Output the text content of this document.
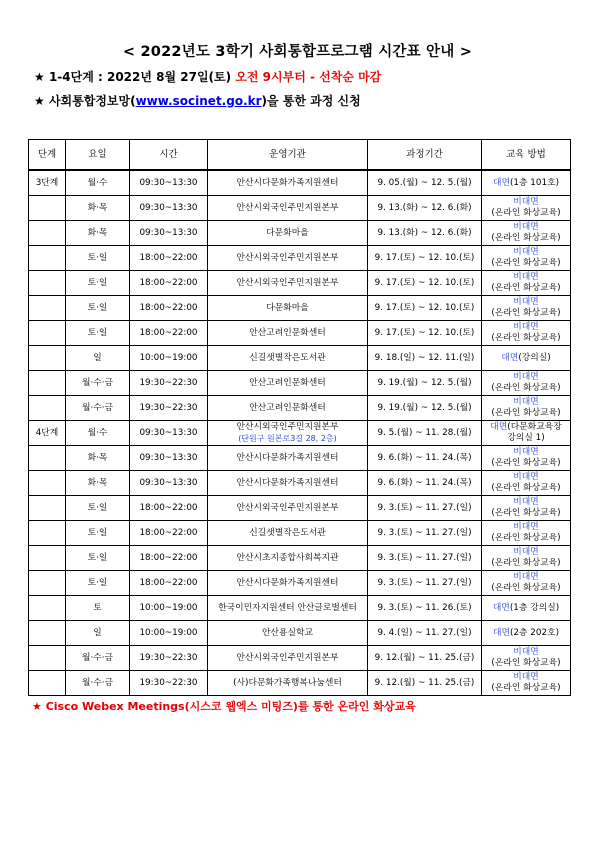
< 2022년도 3학기 사회통합프로그램 시간표 안내 >
★ 1-4단계 : 2022년 8월 27일(토) 오전 9시부터 - 선착순 마감
★ 사회통합정보망(www.socinet.go.kr)을 통한 과정 신청
단계	요일	시간	운영기관	과정기간	교육 방법
3단계	월·수	09:30~13:30	안산시다문화가족지원센터	9. 05.(월) ~ 12. 5.(월)	대면(1층 101호)
	화·목	09:30~13:30	안산시외국인주민지원본부	9. 13.(화) ~ 12. 6.(화)	비대면
(온라인 화상교육)
	화·목	09:30~13:30	다문화마을	9. 13.(화) ~ 12. 6.(화)	비대면
(온라인 화상교육)
	토·일	18:00~22:00	안산시외국인주민지원본부	9. 17.(토) ~ 12. 10.(토)	비대면
(온라인 화상교육)
	토·일	18:00~22:00	안산시외국인주민지원본부	9. 17.(토) ~ 12. 10.(토)	비대면
(온라인 화상교육)
	토·일	18:00~22:00	다문화마을	9. 17.(토) ~ 12. 10.(토)	비대면
(온라인 화상교육)
	토·일	18:00~22:00	안산고려인문화센터	9. 17.(토) ~ 12. 10.(토)	비대면
(온라인 화상교육)
	일	10:00~19:00	신길샛별작은도서관	9. 18.(일) ~ 12. 11.(일)	대면(강의실)
	월·수·금	19:30~22:30	안산고려인문화센터	9. 19.(월) ~ 12. 5.(월)	비대면
(온라인 화상교육)
	월·수·금	19:30~22:30	안산고려인문화센터	9. 19.(월) ~ 12. 5.(월)	비대면
(온라인 화상교육)
4단계	월·수	09:30~13:30	안산시외국인주민지원본부
(단원구 원본로3길 28, 2층)	9. 5.(월) ~ 11. 28.(월)	대면(다문화교육장
강의실 1)
	화·목	09:30~13:30	안산시다문화가족지원센터	9. 6.(화) ~ 11. 24.(목)	비대면
(온라인 화상교육)
	화·목	09:30~13:30	안산시다문화가족지원센터	9. 6.(화) ~ 11. 24.(목)	비대면
(온라인 화상교육)
	토·일	18:00~22:00	안산시외국인주민지원본부	9. 3.(토) ~ 11. 27.(일)	비대면
(온라인 화상교육)
	토·일	18:00~22:00	신길샛별작은도서관	9. 3.(토) ~ 11. 27.(일)	비대면
(온라인 화상교육)
	토·일	18:00~22:00	안산시초지종합사회복지관	9. 3.(토) ~ 11. 27.(일)	비대면
(온라인 화상교육)
	토·일	18:00~22:00	안산시다문화가족지원센터	9. 3.(토) ~ 11. 27.(일)	비대면
(온라인 화상교육)
	토	10:00~19:00	한국이민자지원센터 안산글로벌센터	9. 3.(토) ~ 11. 26.(토)	대면(1층 강의실)
	일	10:00~19:00	안산용실학교	9. 4.(일) ~ 11. 27.(일)	대면(2층 202호)
	월·수·금	19:30~22:30	안산시외국인주민지원본부	9. 12.(월) ~ 11. 25.(금)	비대면
(온라인 화상교육)
	월·수·금	19:30~22:30	(사)다문화가족행복나눔센터	9. 12.(월) ~ 11. 25.(금)	비대면
(온라인 화상교육)
★ Cisco Webex Meetings(시스코 웹엑스 미팅즈)를 통한 온라인 화상교육
